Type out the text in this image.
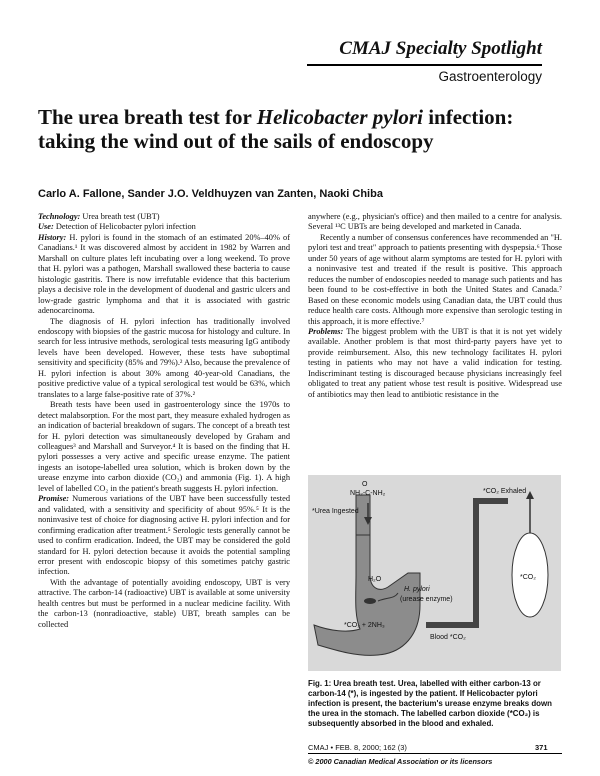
CMAJ Specialty Spotlight
Gastroenterology
The urea breath test for Helicobacter pylori infection: taking the wind out of the sails of endoscopy
Carlo A. Fallone, Sander J.O. Veldhuyzen van Zanten, Naoki Chiba

Technology: Urea breath test (UBT)

Use: Detection of Helicobacter pylori infection

History: H. pylori is found in the stomach of an estimated 20%–40% of Canadians.¹ It was discovered almost by accident in 1982 by Warren and Marshall on culture plates left incubating over a long weekend. To prove that H. pylori was a pathogen, Marshall swallowed these bacteria to cause histologic gastritis. There is now irrefutable evidence that this bacterium plays a decisive role in the development of duodenal and gastric ulcers and low-grade gastric lymphoma and that it is associated with gastric adenocarcinoma.

The diagnosis of H. pylori infection has traditionally involved endoscopy with biopsies of the gastric mucosa for histology and culture. In search for less intrusive methods, serological tests measuring IgG antibody levels have been developed. However, these tests have suboptimal sensitivity and specificity (85% and 79%).² Also, because the prevalence of H. pylori infection is about 30% among 40-year-old Canadians, the positive predictive value of a typical serological test would be 63%, which translates to a large false-positive rate of 37%.²

Breath tests have been used in gastroenterology since the 1970s to detect malabsorption. For the most part, they measure exhaled hydrogen as an indication of bacterial breakdown of sugars. The concept of a breath test for H. pylori detection was simultaneously developed by Graham and colleagues³ and Marshall and Surveyor.⁴ It is based on the finding that H. pylori possesses a very active and specific urease enzyme. The patient ingests an isotope-labelled urea solution, which is broken down by the urease enzyme into carbon dioxide (CO₂) and ammonia (Fig. 1). A high level of labelled CO₂ in the patient's breath suggests H. pylori infection.

Promise: Numerous variations of the UBT have been successfully tested and validated, with a sensitivity and specificity of about 95%.⁵ It is the noninvasive test of choice for diagnosing active H. pylori infection and for confirming eradication after treatment.⁵ Serologic tests generally cannot be used to confirm eradication. Indeed, the UBT may be considered the gold standard for H. pylori detection because it avoids the potential sampling error present with endoscopic biopsy of this sometimes patchy gastric infection.

With the advantage of potentially avoiding endoscopy, UBT is very attractive. The carbon-14 (radioactive) UBT is available at some university health centres but must be performed in a nuclear medicine facility. With the carbon-13 (nonradioactive, stable) UBT, breath samples can be collected

anywhere (e.g., physician's office) and then mailed to a centre for analysis. Several ¹³C UBTs are being developed and marketed in Canada.

Recently a number of consensus conferences have recommended an "H. pylori test and treat" approach to patients presenting with dyspepsia.⁶ Those under 50 years of age without alarm symptoms are tested for H. pylori with a noninvasive test and treated if the result is positive. This approach reduces the number of endoscopies needed to manage such patients and has been found to be cost-effective in both the United States and Canada.⁷ Based on these economic models using Canadian data, the UBT could thus reduce health care costs. Although more expensive than serologic testing in this approach, it is more effective.⁷

Problems: The biggest problem with the UBT is that it is not yet widely available. Another problem is that most third-party payers have yet to provide reimbursement. Also, this new technology facilitates H. pylori testing in patients who may not have a valid indication for testing. Indiscriminant testing is discouraged because physicians increasingly feel obligated to treat any patient whose test result is positive. Widespread use of antibiotics may then lead to antibiotic resistance in the

O
NH₂-C-NH₂
*Urea Ingested
*CO₂ Exhaled
H₂O
H. pylori
(urease enzyme)
*CO₂ + 2NH₃
*CO₂
Blood *CO₂
Fig. 1: Urea breath test. Urea, labelled with either carbon-13 or carbon-14 (*), is ingested by the patient. If Helicobacter pylori infection is present, the bacterium's urease enzyme breaks down the urea in the stomach. The labelled carbon dioxide (*CO₂) is subsequently absorbed in the blood and exhaled.
CMAJ • FEB. 8, 2000; 162 (3)	371
© 2000 Canadian Medical Association or its licensors
